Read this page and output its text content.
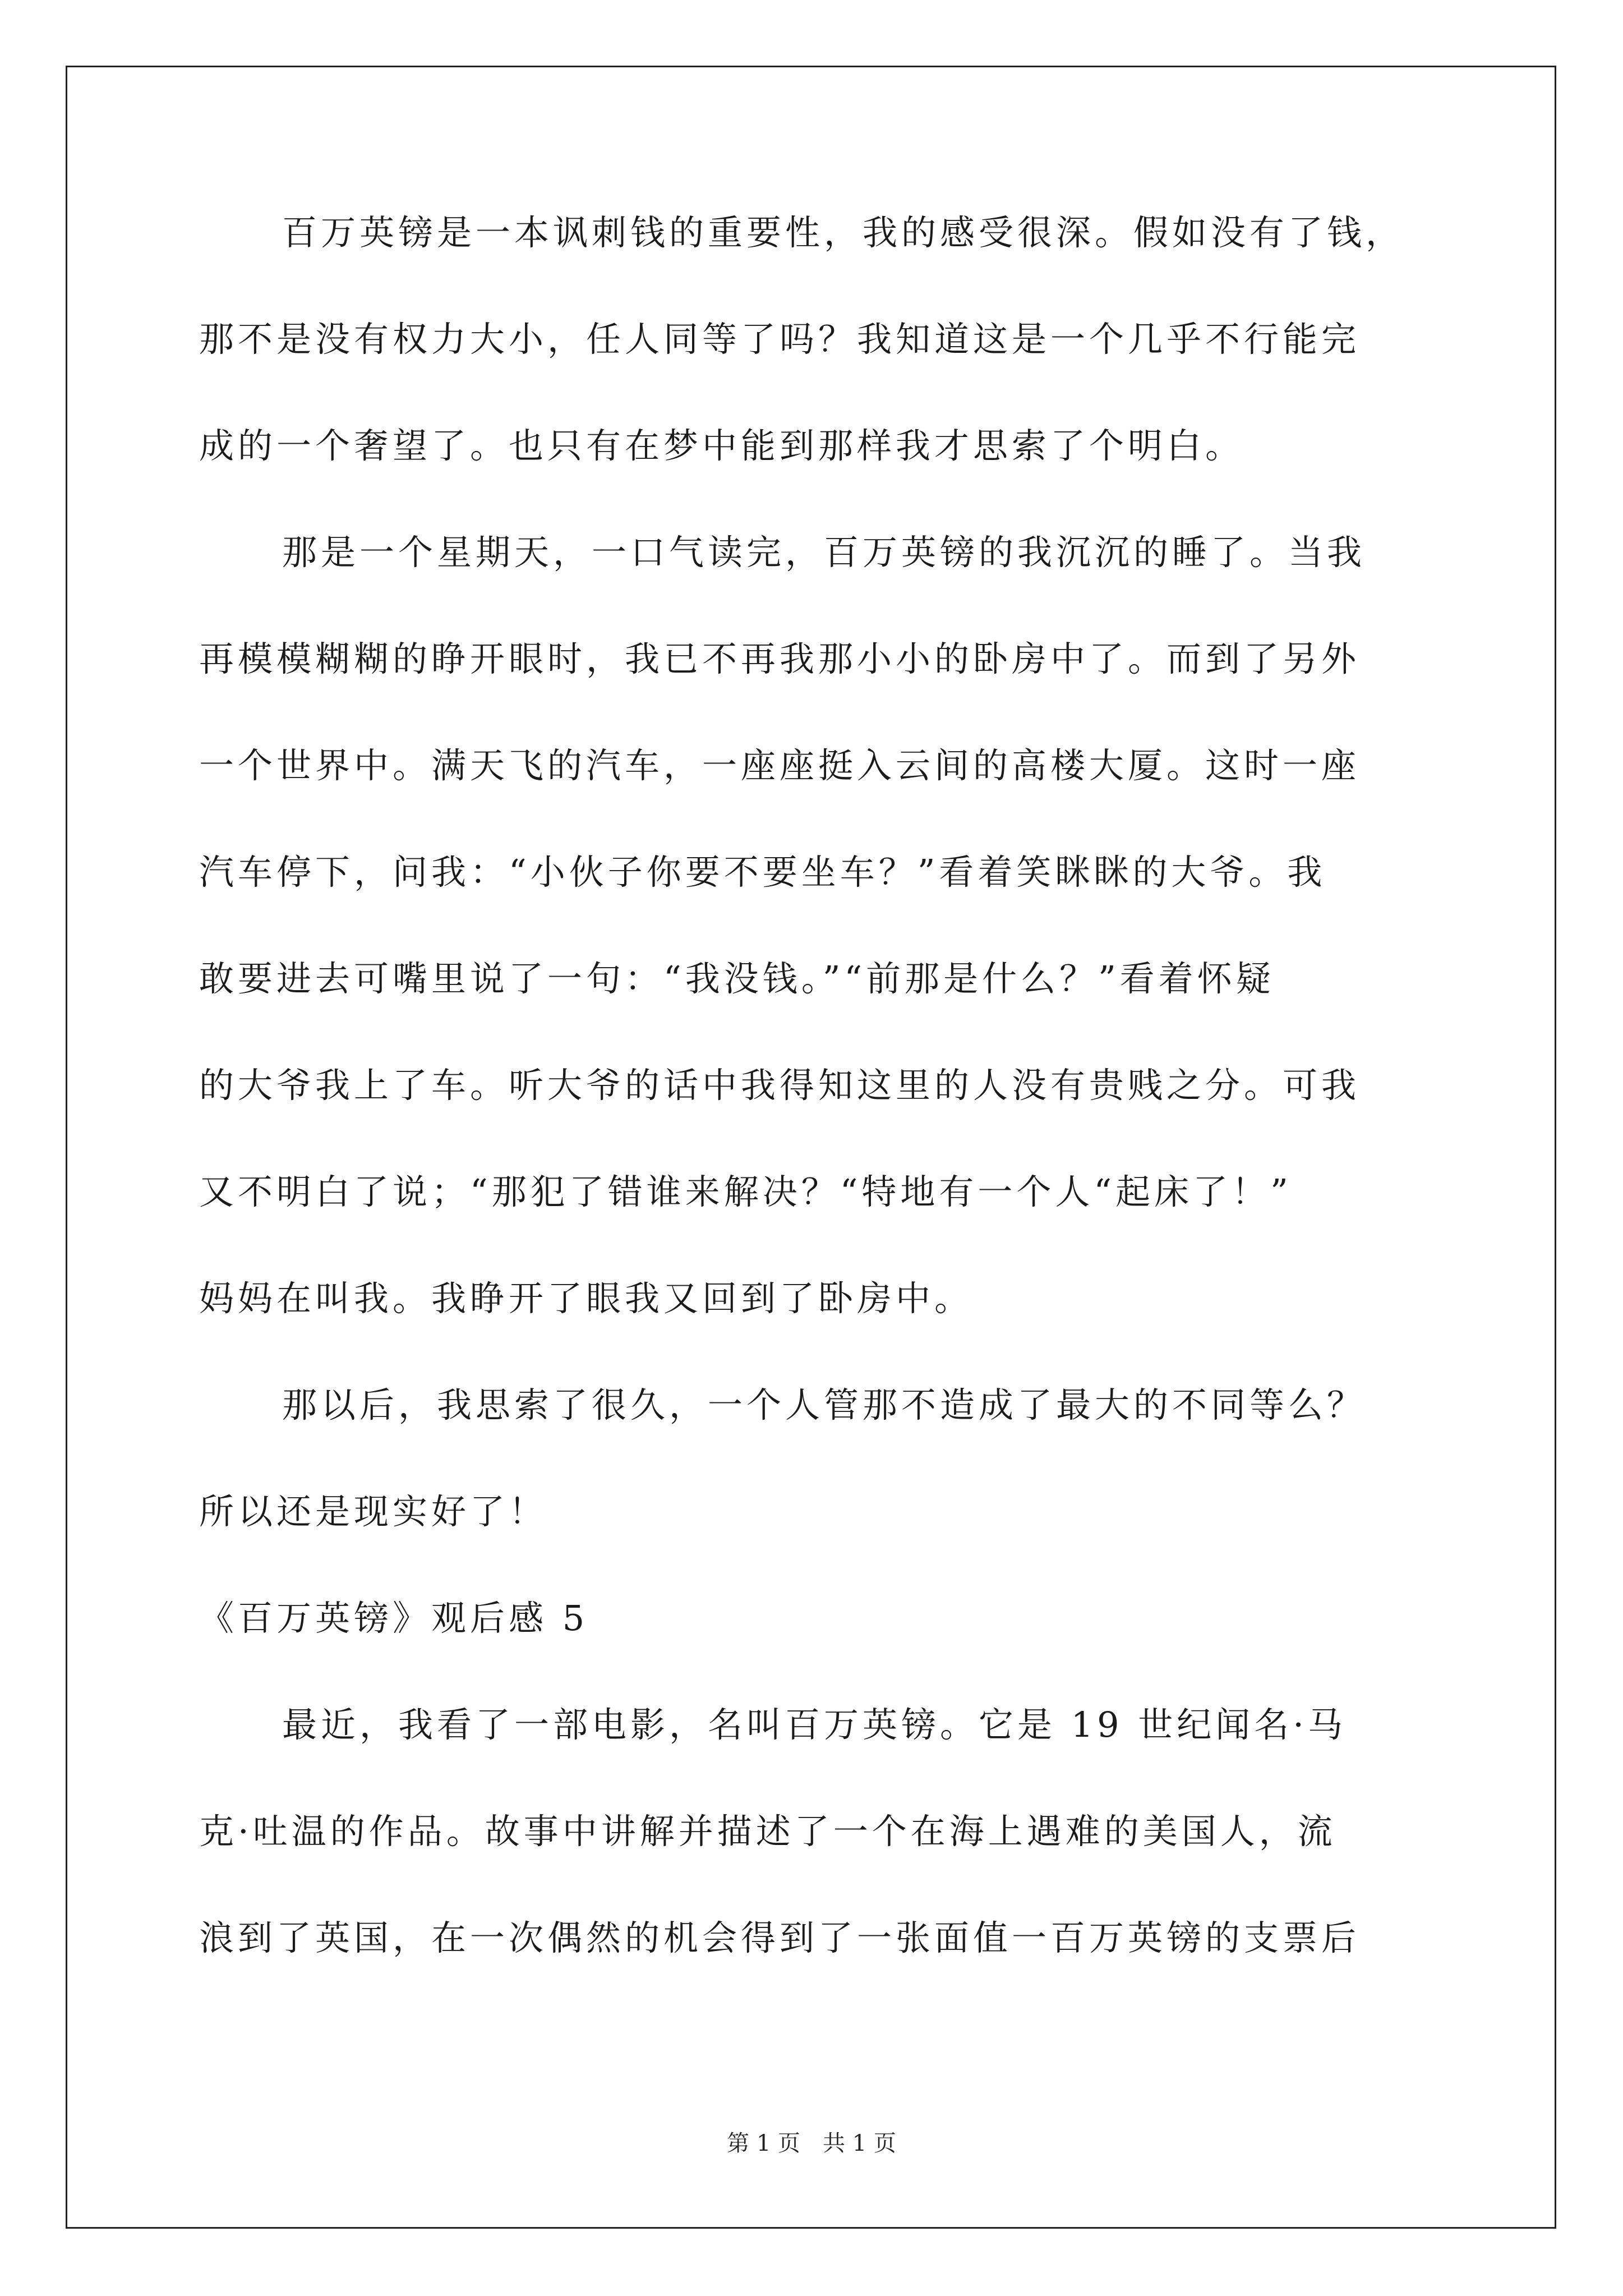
百万英镑是一本讽刺钱的重要性，我的感受很深。假如没有了钱，
那不是没有权力大小，任人同等了吗？我知道这是一个几乎不行能完
成的一个奢望了。也只有在梦中能到那样我才思索了个明白。
那是一个星期天，一口气读完，百万英镑的我沉沉的睡了。当我
再模模糊糊的睁开眼时，我已不再我那小小的卧房中了。而到了另外
一个世界中。满天飞的汽车，一座座挺入云间的高楼大厦。这时一座
汽车停下，问我：“小伙子你要不要坐车？”看着笑眯眯的大爷。我
敢要进去可嘴里说了一句：“我没钱。”“前那是什么？”看着怀疑
的大爷我上了车。听大爷的话中我得知这里的人没有贵贱之分。可我
又不明白了说；“那犯了错谁来解决？“特地有一个人“起床了！”
妈妈在叫我。我睁开了眼我又回到了卧房中。
那以后，我思索了很久，一个人管那不造成了最大的不同等么？
所以还是现实好了！
《百万英镑》观后感 5
最近，我看了一部电影，名叫百万英镑。它是 19 世纪闻名·马
克·吐温的作品。故事中讲解并描述了一个在海上遇难的美国人，流
浪到了英国，在一次偶然的机会得到了一张面值一百万英镑的支票后
第 1 页　共 1 页
